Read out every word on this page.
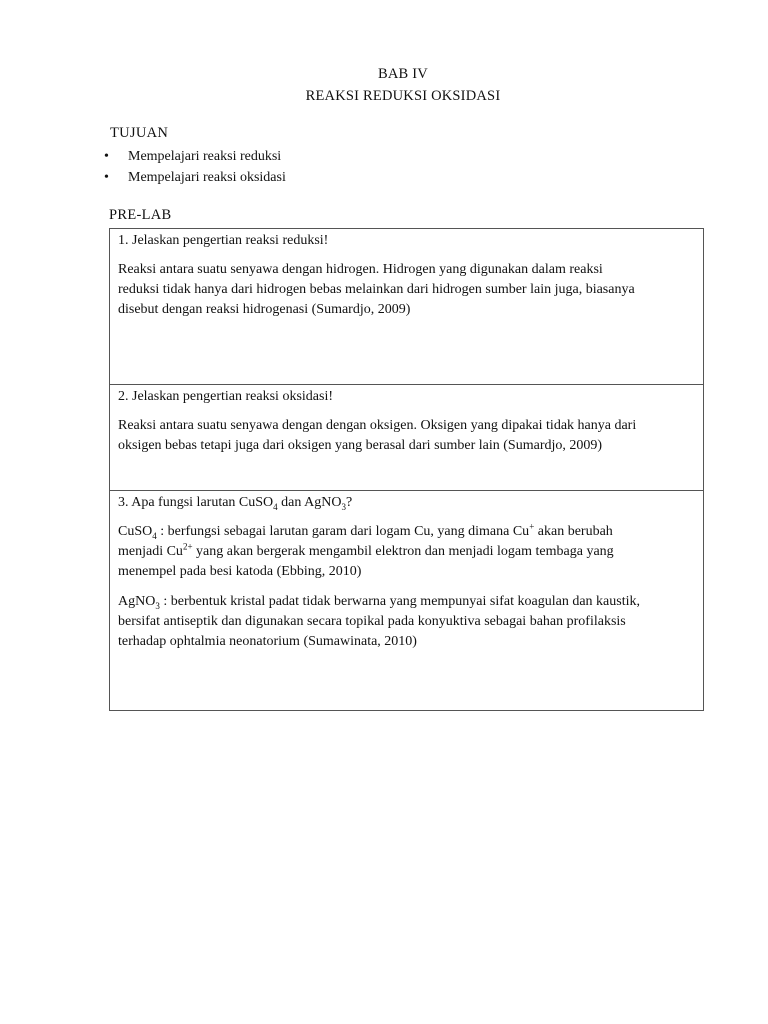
BAB IV
REAKSI REDUKSI OKSIDASI
TUJUAN
• Mempelajari reaksi reduksi
• Mempelajari reaksi oksidasi
PRE-LAB
1. Jelaskan pengertian reaksi reduksi!
Reaksi antara suatu senyawa dengan hidrogen. Hidrogen yang digunakan dalam reaksi
reduksi tidak hanya dari hidrogen bebas melainkan dari hidrogen sumber lain juga, biasanya
disebut dengan reaksi hidrogenasi (Sumardjo, 2009)
2. Jelaskan pengertian reaksi oksidasi!
Reaksi antara suatu senyawa dengan dengan oksigen. Oksigen yang dipakai tidak hanya dari
oksigen bebas tetapi juga dari oksigen yang berasal dari sumber lain (Sumardjo, 2009)
3. Apa fungsi larutan CuSO$_4$ dan AgNO$_3$?
CuSO$_4$ : berfungsi sebagai larutan garam dari logam Cu, yang dimana Cu+ akan berubah
menjadi $Cu^{2+}$ yang akan bergerak mengambil elektron dan menjadi logam tembaga yang
menempel pada besi katoda (Ebbing, 2010)
AgNO$_3$ : berbentuk kristal padat tidak berwarna yang mempunyai sifat koagulan dan kaustik,
bersifat antiseptik dan digunakan secara topikal pada konyuktiva sebagai bahan profilaksis
terhadap ophtalmia neonatorium (Sumawinata, 2010)
